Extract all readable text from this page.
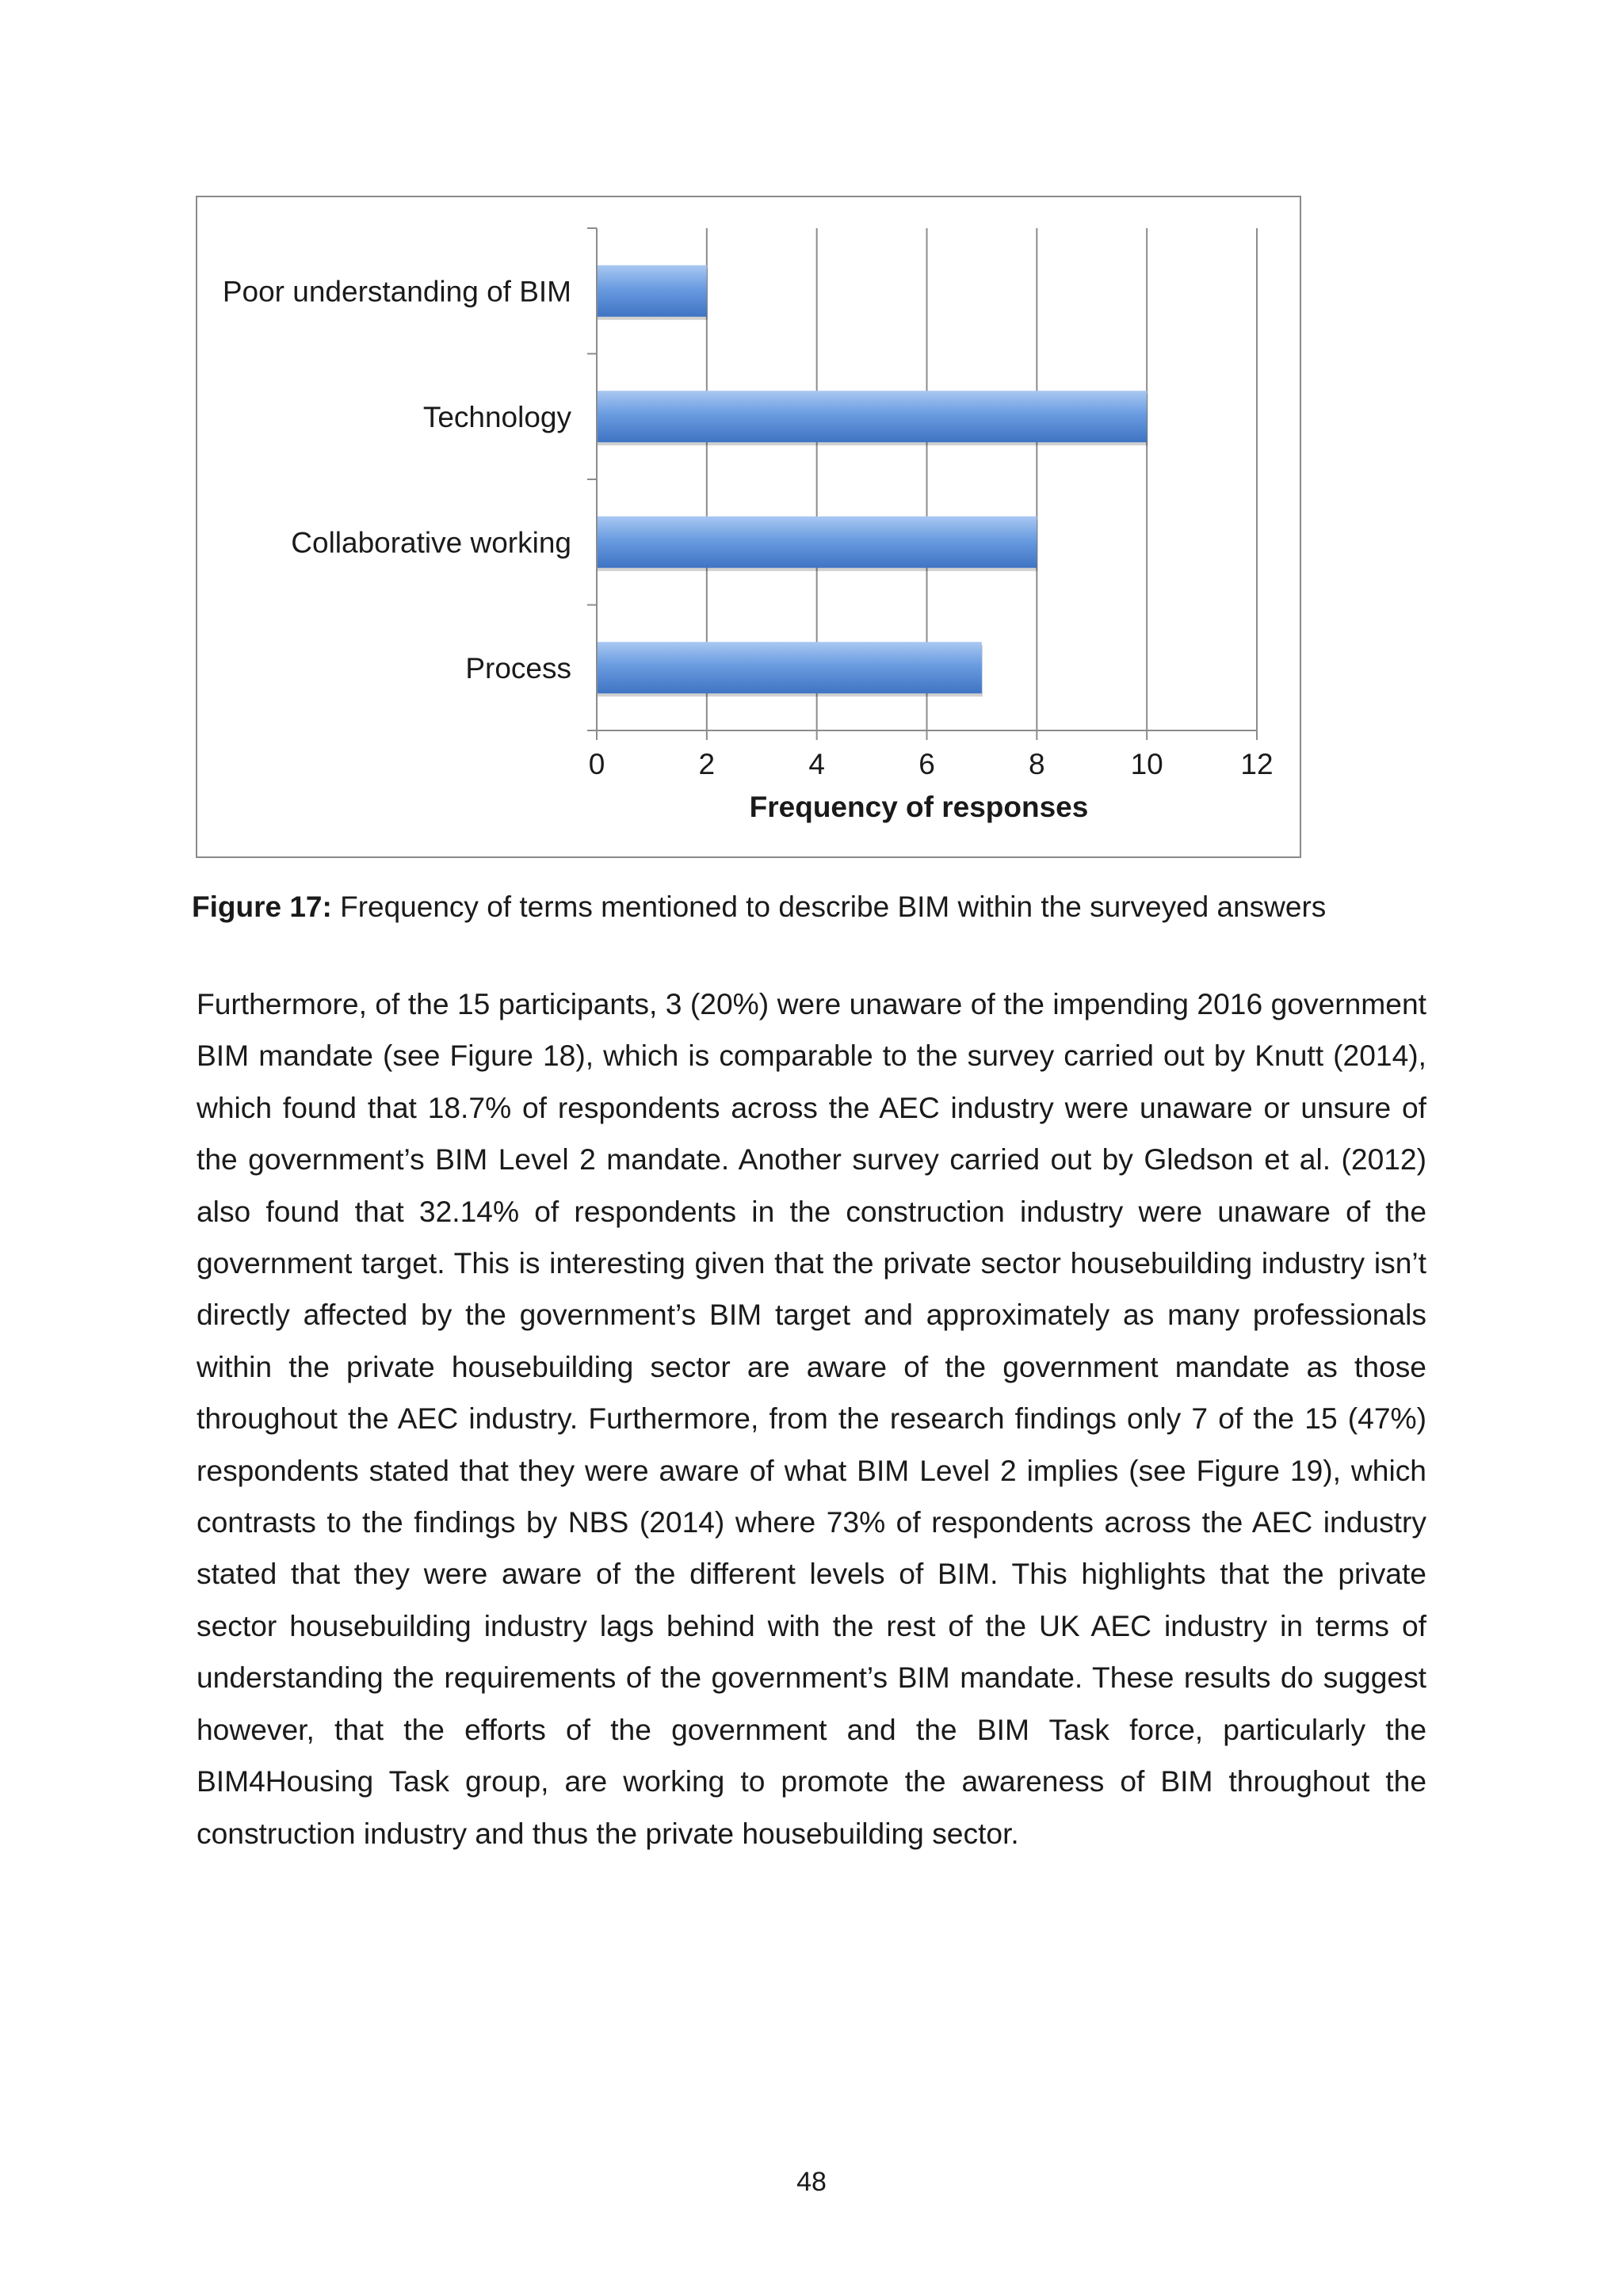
0	2	4	6	8	10	12
Poor understanding of BIM
Technology
Collaborative working
Process
Frequency of responses
Figure 17: Frequency of terms mentioned to describe BIM within the surveyed answers
Furthermore, of the 15 participants, 3 (20%) were unaware of the impending 2016 government BIM mandate (see Figure 18), which is comparable to the survey carried out by Knutt (2014), which found that 18.7% of respondents across the AEC industry were unaware or unsure of the government’s BIM Level 2 mandate. Another survey carried out by Gledson et al. (2012) also found that 32.14% of respondents in the construction industry were unaware of the government target. This is interesting given that the private sector housebuilding industry isn’t directly affected by the government’s BIM target and approximately as many professionals within the private housebuilding sector are aware of the government mandate as those throughout the AEC industry. Furthermore, from the research findings only 7 of the 15 (47%) respondents stated that they were aware of what BIM Level 2 implies (see Figure 19), which contrasts to the findings by NBS (2014) where 73% of respondents across the AEC industry stated that they were aware of the different levels of BIM. This highlights that the private sector housebuilding industry lags behind with the rest of the UK AEC industry in terms of understanding the requirements of the government’s BIM mandate. These results do suggest however, that the efforts of the government and the BIM Task force, particularly the BIM4Housing Task group, are working to promote the awareness of BIM throughout the construction industry and thus the private housebuilding sector.
48
